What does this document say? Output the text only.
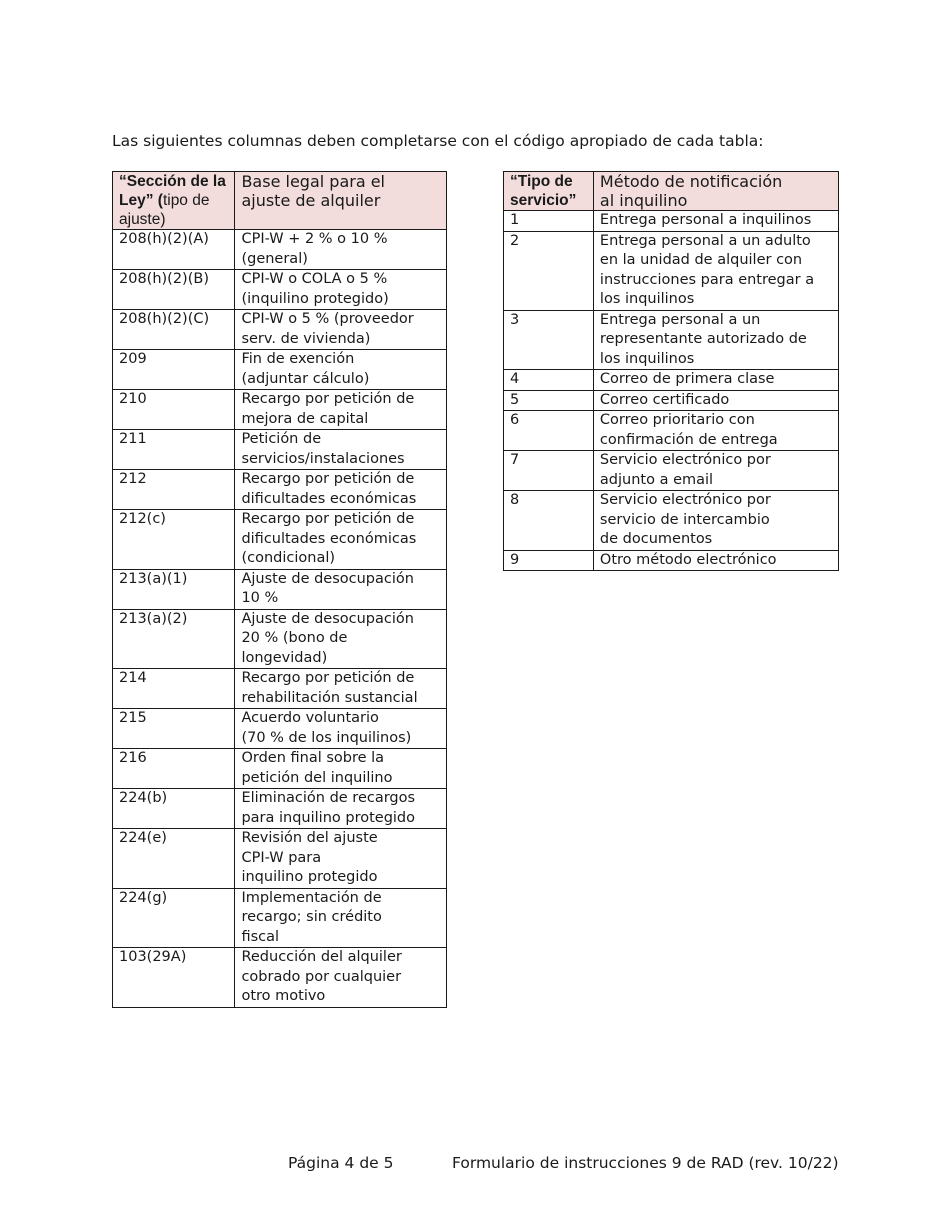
Las siguientes columnas deben completarse con el código apropiado de cada tabla:
“Sección de la Ley” (tipo de ajuste)	Base legal para el
ajuste de alquiler
208(h)(2)(A)	CPI-W + 2 % o 10 %
(general)
208(h)(2)(B)	CPI-W o COLA o 5 %
(inquilino protegido)
208(h)(2)(C)	CPI-W o 5 % (proveedor
serv. de vivienda)
209	Fin de exención
(adjuntar cálculo)
210	Recargo por petición de
mejora de capital
211	Petición de
servicios/instalaciones
212	Recargo por petición de
dificultades económicas
212(c)	Recargo por petición de
dificultades económicas
(condicional)
213(a)(1)	Ajuste de desocupación
10 %
213(a)(2)	Ajuste de desocupación
20 % (bono de
longevidad)
214	Recargo por petición de
rehabilitación sustancial
215	Acuerdo voluntario
(70 % de los inquilinos)
216	Orden final sobre la
petición del inquilino
224(b)	Eliminación de recargos
para inquilino protegido
224(e)	Revisión del ajuste
CPI-W para
inquilino protegido
224(g)	Implementación de
recargo; sin crédito
fiscal
103(29A)	Reducción del alquiler
cobrado por cualquier
otro motivo
“Tipo de servicio”	Método de notificación
al inquilino
1	Entrega personal a inquilinos
2	Entrega personal a un adulto
en la unidad de alquiler con
instrucciones para entregar a
los inquilinos
3	Entrega personal a un
representante autorizado de
los inquilinos
4	Correo de primera clase
5	Correo certificado
6	Correo prioritario con
confirmación de entrega
7	Servicio electrónico por
adjunto a email
8	Servicio electrónico por
servicio de intercambio
de documentos
9	Otro método electrónico
Página 4 de 5	Formulario de instrucciones 9 de RAD (rev. 10/22)
